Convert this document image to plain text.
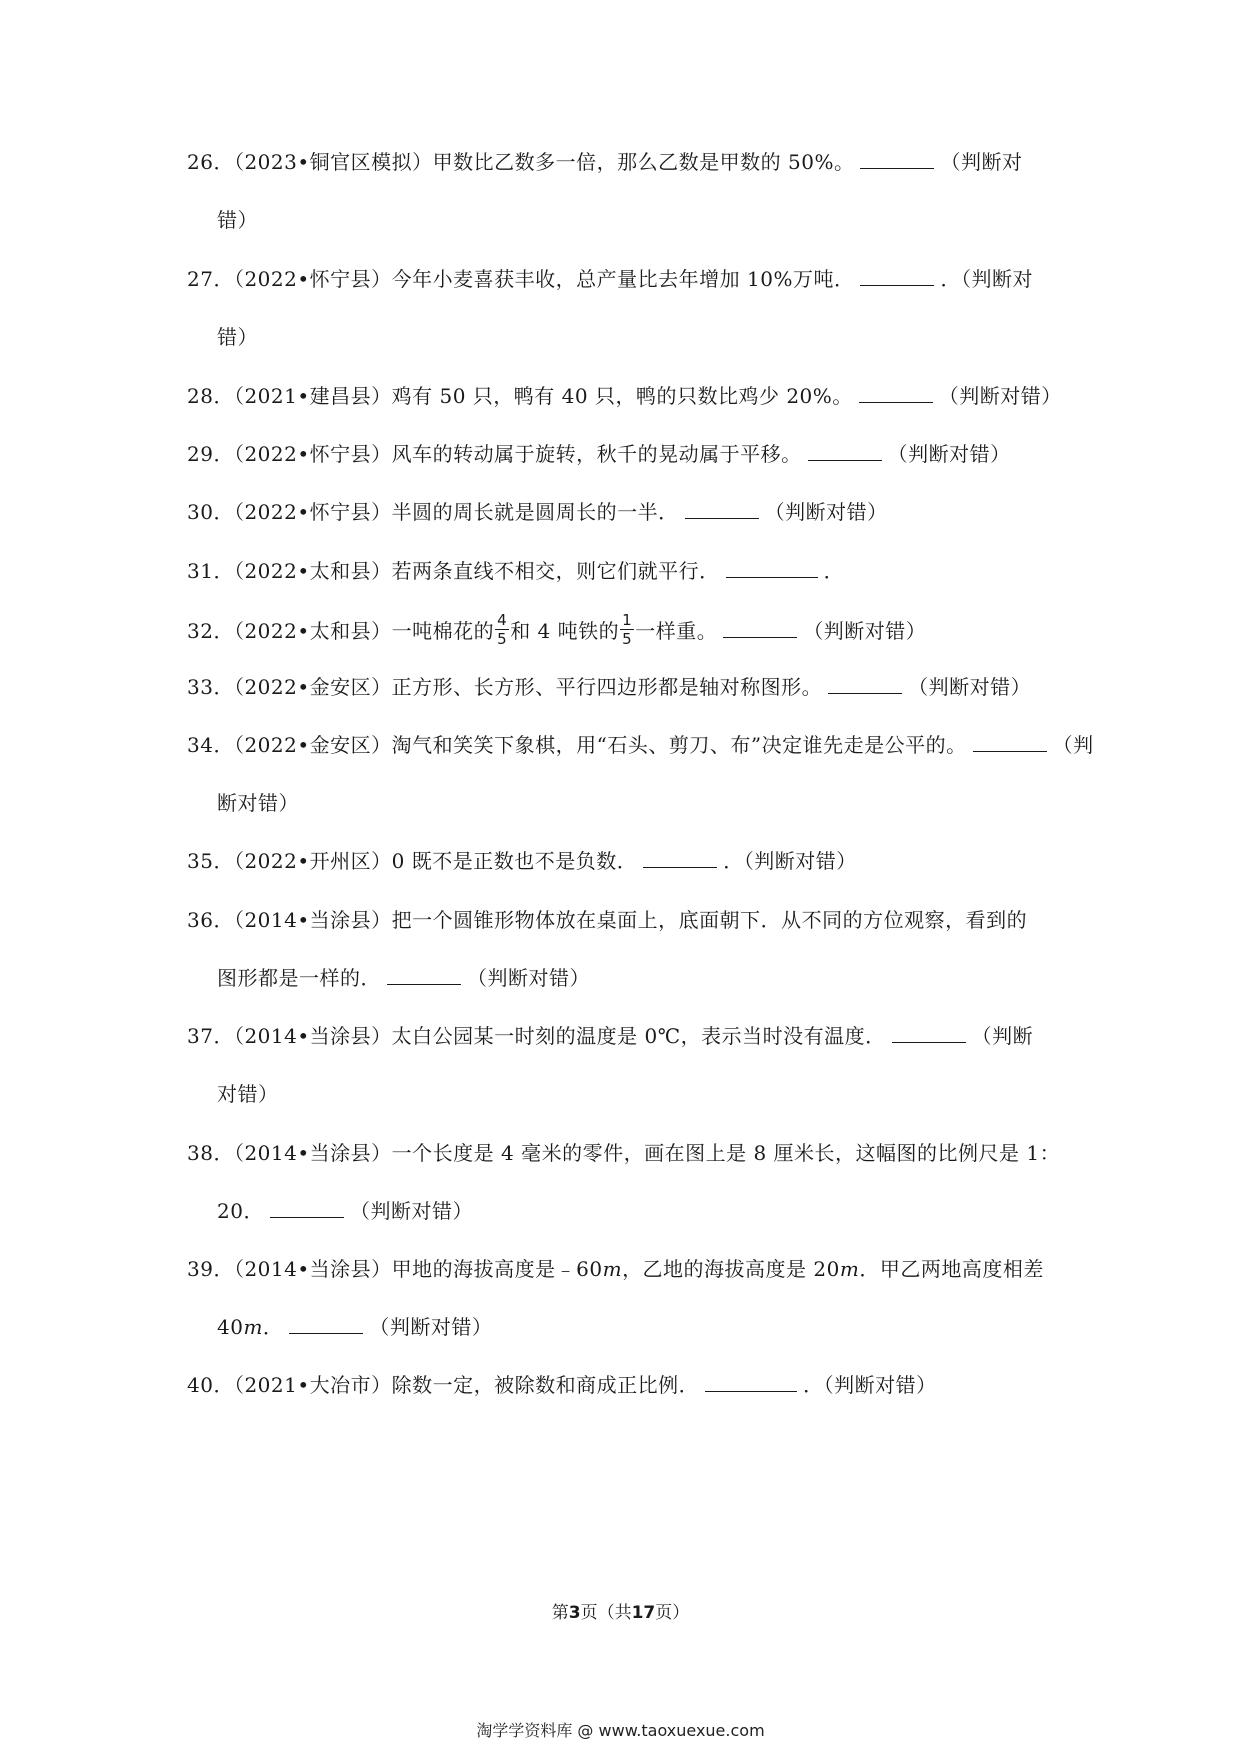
26．（2023•铜官区模拟）甲数比乙数多一倍，那么乙数是甲数的 50%。	（判断对
错）
27．（2022•怀宁县）今年小麦喜获丰收，总产量比去年增加 10%万吨．	．（判断对
错）
28．（2021•建昌县）鸡有 50 只，鸭有 40 只，鸭的只数比鸡少 20%。	（判断对错）
29．（2022•怀宁县）风车的转动属于旋转，秋千的晃动属于平移。	（判断对错）
30．（2022•怀宁县）半圆的周长就是圆周长的一半．	（判断对错）
31．（2022•太和县）若两条直线不相交，则它们就平行．	．
32．（2022•太和县）一吨棉花的 $\frac{4}{5}$ 和 4 吨铁的 $\frac{1}{5}$ 一样重。	（判断对错）
33．（2022•金安区）正方形、长方形、平行四边形都是轴对称图形。	（判断对错）
34．（2022•金安区）淘气和笑笑下象棋，用“石头、剪刀、布”决定谁先走是公平的。	（判
断对错）
35．（2022•开州区）0 既不是正数也不是负数．	．（判断对错）
36．（2014•当涂县）把一个圆锥形物体放在桌面上，底面朝下．从不同的方位观察，看到的
图形都是一样的．	（判断对错）
37．（2014•当涂县）太白公园某一时刻的温度是 0℃，表示当时没有温度．	（判断
对错）
38．（2014•当涂县）一个长度是 4 毫米的零件，画在图上是 8 厘米长，这幅图的比例尺是 1：
20．	（判断对错）
39．（2014•当涂县）甲地的海拔高度是﹣60m，乙地的海拔高度是 20m．甲乙两地高度相差
40m．	（判断对错）
40．（2021•大冶市）除数一定，被除数和商成正比例．	．（判断对错）
第3页（共17页）
淘学学资料库 @ www.taoxuexue.com
